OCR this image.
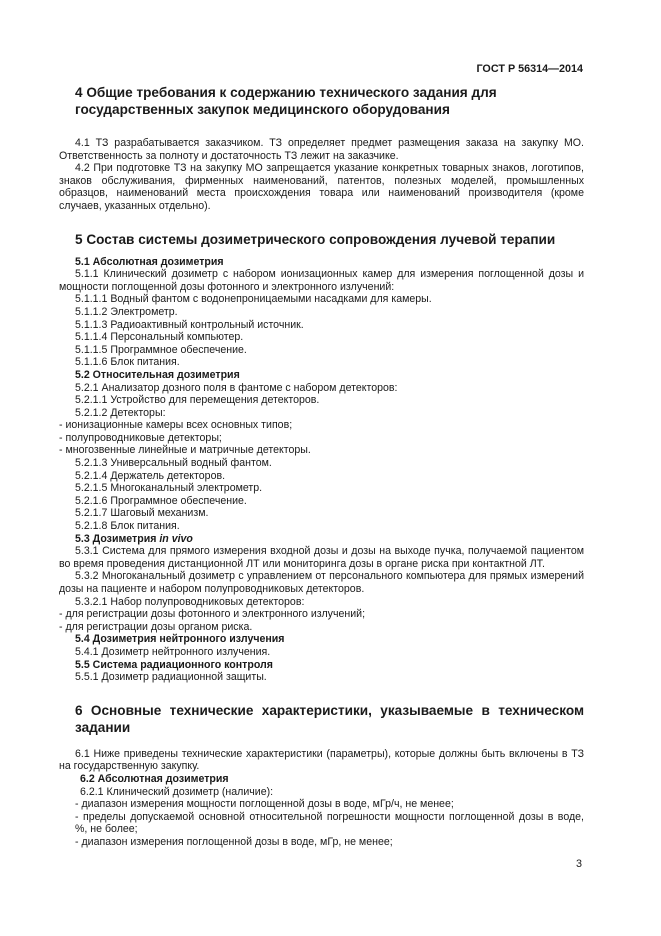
ГОСТ Р 56314—2014
4 Общие требования к содержанию технического задания для государственных закупок медицинского оборудования

4.1 ТЗ разрабатывается заказчиком. ТЗ определяет предмет размещения заказа на закупку МО. Ответственность за полноту и достаточность ТЗ лежит на заказчике.

4.2 При подготовке ТЗ на закупку МО запрещается указание конкретных товарных знаков, логотипов, знаков обслуживания, фирменных наименований, патентов, полезных моделей, промышленных образцов, наименований места происхождения товара или наименований производителя (кроме случаев, указанных отдельно).

5 Состав системы дозиметрического сопровождения лучевой терапии

5.1 Абсолютная дозиметрия

5.1.1 Клинический дозиметр с набором ионизационных камер для измерения поглощенной дозы и мощности поглощенной дозы фотонного и электронного излучений:

5.1.1.1 Водный фантом с водонепроницаемыми насадками для камеры.

5.1.1.2 Электрометр.

5.1.1.3 Радиоактивный контрольный источник.

5.1.1.4 Персональный компьютер.

5.1.1.5 Программное обеспечение.

5.1.1.6 Блок питания.

5.2 Относительная дозиметрия

5.2.1 Анализатор дозного поля в фантоме с набором детекторов:

5.2.1.1 Устройство для перемещения детекторов.

5.2.1.2 Детекторы:

- ионизационные камеры всех основных типов;

- полупроводниковые детекторы;

- многозвенные линейные и матричные детекторы.

5.2.1.3 Универсальный водный фантом.

5.2.1.4 Держатель детекторов.

5.2.1.5 Многоканальный электрометр.

5.2.1.6 Программное обеспечение.

5.2.1.7 Шаговый механизм.

5.2.1.8 Блок питания.

5.3 Дозиметрия in vivo

5.3.1 Система для прямого измерения входной дозы и дозы на выходе пучка, получаемой пациентом во время проведения дистанционной ЛТ или мониторинга дозы в органе риска при контактной ЛТ.

5.3.2 Многоканальный дозиметр с управлением от персонального компьютера для прямых измерений дозы на пациенте и набором полупроводниковых детекторов.

5.3.2.1 Набор полупроводниковых детекторов:

- для регистрации дозы фотонного и электронного излучений;

- для регистрации дозы органом риска.

5.4 Дозиметрия нейтронного излучения

5.4.1 Дозиметр нейтронного излучения.

5.5 Система радиационного контроля

5.5.1 Дозиметр радиационной защиты.

6 Основные технические характеристики, указываемые в техническом задании

6.1 Ниже приведены технические характеристики (параметры), которые должны быть включены в ТЗ на государственную закупку.

6.2 Абсолютная дозиметрия

6.2.1 Клинический дозиметр (наличие):

- диапазон измерения мощности поглощенной дозы в воде, мГр/ч, не менее;

- пределы допускаемой основной относительной погрешности мощности поглощенной дозы в воде, %, не более;

- диапазон измерения поглощенной дозы в воде, мГр, не менее;

3
